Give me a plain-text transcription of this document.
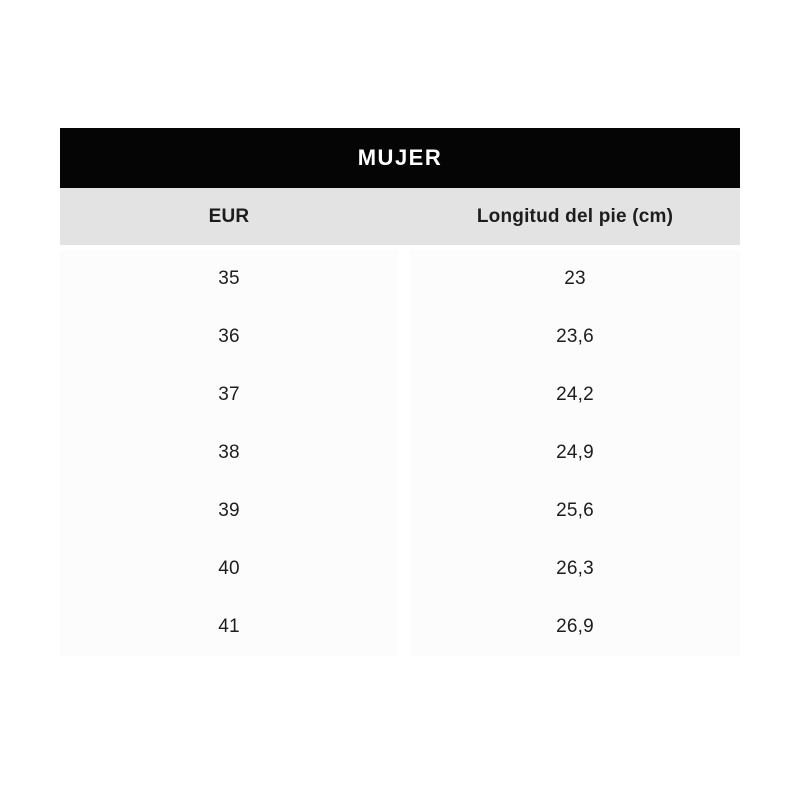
MUJER
EUR	Longitud del pie (cm)
35	23
36	23,6
37	24,2
38	24,9
39	25,6
40	26,3
41	26,9
